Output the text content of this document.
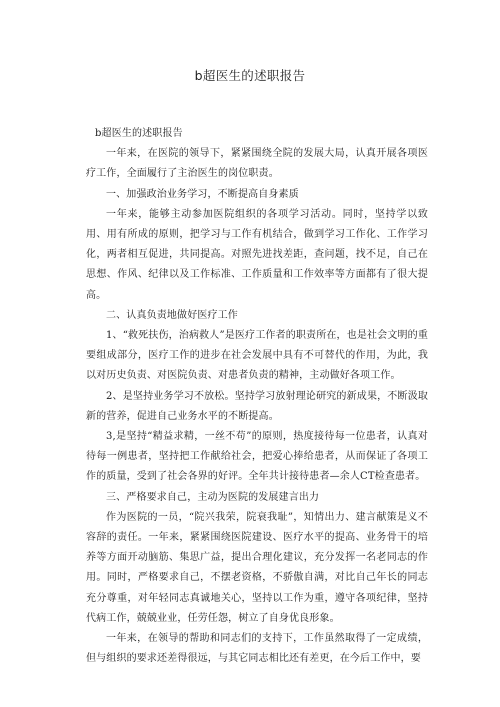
b超医生的述职报告

b超医生的述职报告

一年来，在医院的领导下，紧紧围绕全院的发展大局，认真开展各项医疗工作，全面履行了主治医生的岗位职责。

一、加强政治业务学习，不断提高自身素质

一年来，能够主动参加医院组织的各项学习活动。同时，坚持学以致用、用有所成的原则，把学习与工作有机结合，做到学习工作化、工作学习化，两者相互促进，共同提高。对照先进找差距，查问题，找不足，自己在思想、作风、纪律以及工作标准、工作质量和工作效率等方面都有了很大提高。

二、认真负责地做好医疗工作

1、“救死扶伤，治病救人”是医疗工作者的职责所在，也是社会文明的重要组成部分，医疗工作的进步在社会发展中具有不可替代的作用，为此，我以对历史负责、对医院负责、对患者负责的精神，主动做好各项工作。

2、是坚持业务学习不放松。坚持学习放射理论研究的新成果，不断汲取新的营养，促进自己业务水平的不断提高。

3,是坚持“精益求精，一丝不苟”的原则，热度接待每一位患者，认真对待每一例患者，坚持把工作献给社会，把爱心捧给患者，从而保证了各项工作的质量，受到了社会各界的好评。全年共计接待患者—余人CT检查患者。

三、严格要求自己，主动为医院的发展建言出力

作为医院的一员，“院兴我荣，院衰我耻”，知情出力、建言献策是义不容辞的责任。一年来，紧紧围绕医院建设、医疗水平的提高、业务骨干的培养等方面开动脑筋、集思广益，提出合理化建议，充分发挥一名老同志的作用。同时，严格要求自己，不摆老资格，不骄傲自满，对比自己年长的同志充分尊重，对年轻同志真诚地关心，坚持以工作为重，遵守各项纪律，坚持代病工作，兢兢业业，任劳任怨，树立了自身优良形象。

一年来，在领导的帮助和同志们的支持下，工作虽然取得了一定成绩，但与组织的要求还差得很远，与其它同志相比还有差更，在今后工作中，要
